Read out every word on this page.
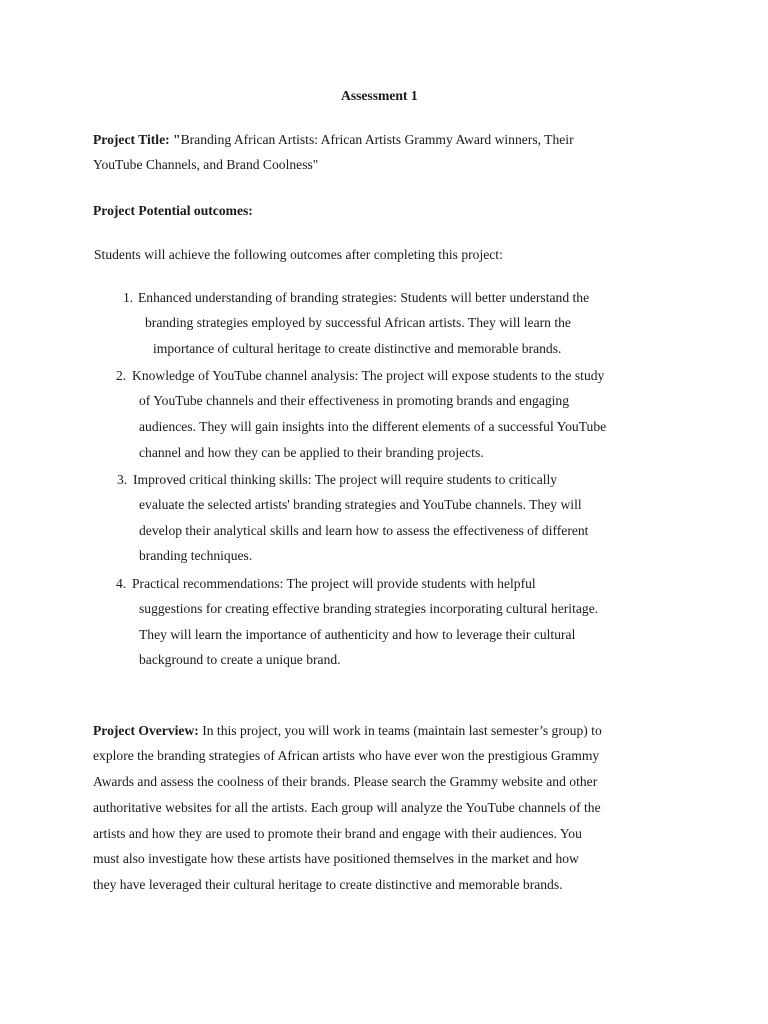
Assessment 1
Project Title: "Branding African Artists: African Artists Grammy Award winners, Their
YouTube Channels, and Brand Coolness"
Project Potential outcomes:
Students will achieve the following outcomes after completing this project:
1. Enhanced understanding of branding strategies: Students will better understand the
branding strategies employed by successful African artists. They will learn the
importance of cultural heritage to create distinctive and memorable brands.
2. Knowledge of YouTube channel analysis: The project will expose students to the study
of YouTube channels and their effectiveness in promoting brands and engaging
audiences. They will gain insights into the different elements of a successful YouTube
channel and how they can be applied to their branding projects.
3. Improved critical thinking skills: The project will require students to critically
evaluate the selected artists' branding strategies and YouTube channels. They will
develop their analytical skills and learn how to assess the effectiveness of different
branding techniques.
4. Practical recommendations: The project will provide students with helpful
suggestions for creating effective branding strategies incorporating cultural heritage.
They will learn the importance of authenticity and how to leverage their cultural
background to create a unique brand.
Project Overview: In this project, you will work in teams (maintain last semester’s group) to
explore the branding strategies of African artists who have ever won the prestigious Grammy
Awards and assess the coolness of their brands. Please search the Grammy website and other
authoritative websites for all the artists. Each group will analyze the YouTube channels of the
artists and how they are used to promote their brand and engage with their audiences. You
must also investigate how these artists have positioned themselves in the market and how
they have leveraged their cultural heritage to create distinctive and memorable brands.
